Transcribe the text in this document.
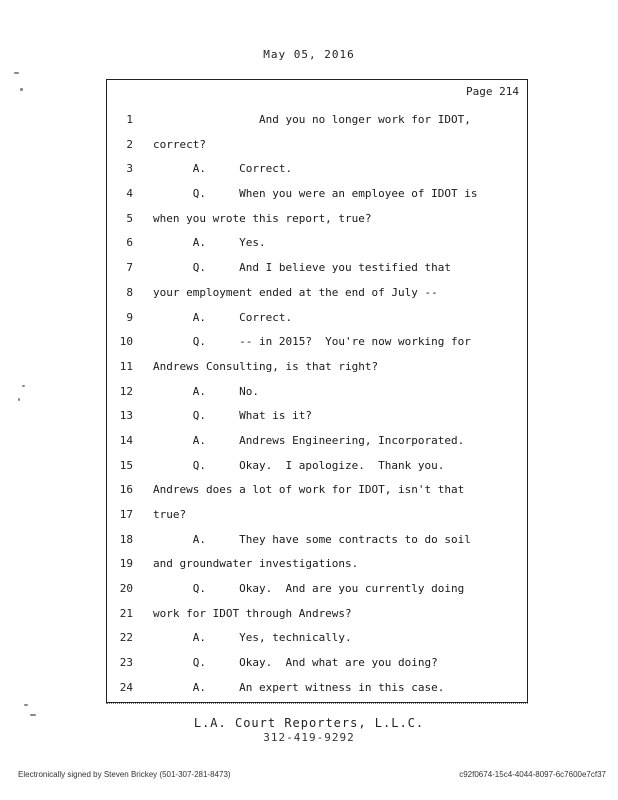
May 05, 2016
Page 214
1 And you no longer work for IDOT,
2 correct?
3 A.     Correct.
4 Q.     When you were an employee of IDOT is
5 when you wrote this report, true?
6 A.     Yes.
7 Q.     And I believe you testified that
8 your employment ended at the end of July --
9 A.     Correct.
10 Q.     -- in 2015?  You're now working for
11 Andrews Consulting, is that right?
12 A.     No.
13 Q.     What is it?
14 A.     Andrews Engineering, Incorporated.
15 Q.     Okay.  I apologize.  Thank you.
16 Andrews does a lot of work for IDOT, isn't that
17 true?
18 A.     They have some contracts to do soil
19 and groundwater investigations.
20 Q.     Okay.  And are you currently doing
21 work for IDOT through Andrews?
22 A.     Yes, technically.
23 Q.     Okay.  And what are you doing?
24 A.     An expert witness in this case.
L.A. Court Reporters, L.L.C.
312-419-9292
Electronically signed by Steven Brickey (501-307-281-8473)	c92f0674-15c4-4044-8097-6c7600e7cf37
